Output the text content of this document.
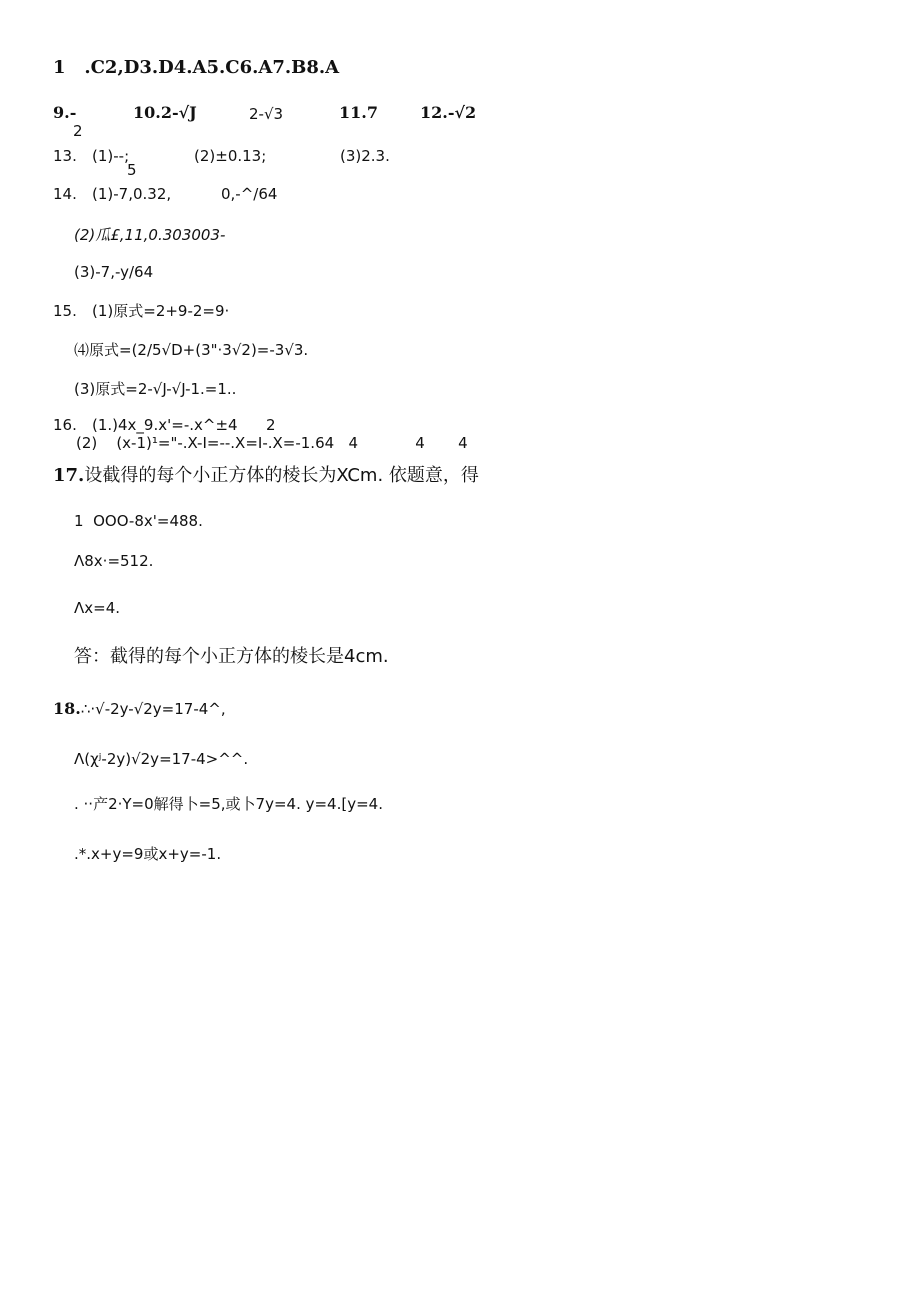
1   .C2,D3.D4.A5.C6.A7.B8.A
9.-
2
10.2-√J	2-√3	11.7	12.-√2
13. (1)--;
5
(2)±0.13;	(3)2.3.
14. (1)-7,0.32,	0,-^/64
(2)瓜£,11,0.303003-
(3)-7,-y/64
15. (1)原式=2+9-2=9·
⑷原式=(2/5√D+(3"·3√2)=-3√3.
(3)原式=2-√J-√J-1.=1..
16. (1.)4x_9.x'=-.x^±4 2
(2)    (x-1)¹="-.X-I=--.X=I-.X=-1.64   4            4       4
17.设截得的每个小正方体的棱长为XCm. 依题意，得
1  OOO-8x'=488.
Λ8x·=512.
Λx=4.
答：截得的每个小正方体的棱长是4cm.
18.∴·√-2y-√2y=17-4^,
Λ(χʲ-2y)√2y=17-4>^^.
. ··产2·Y=0解得卜=5,或卜7y=4. y=4.[y=4.
.*.x+y=9或x+y=-1.
